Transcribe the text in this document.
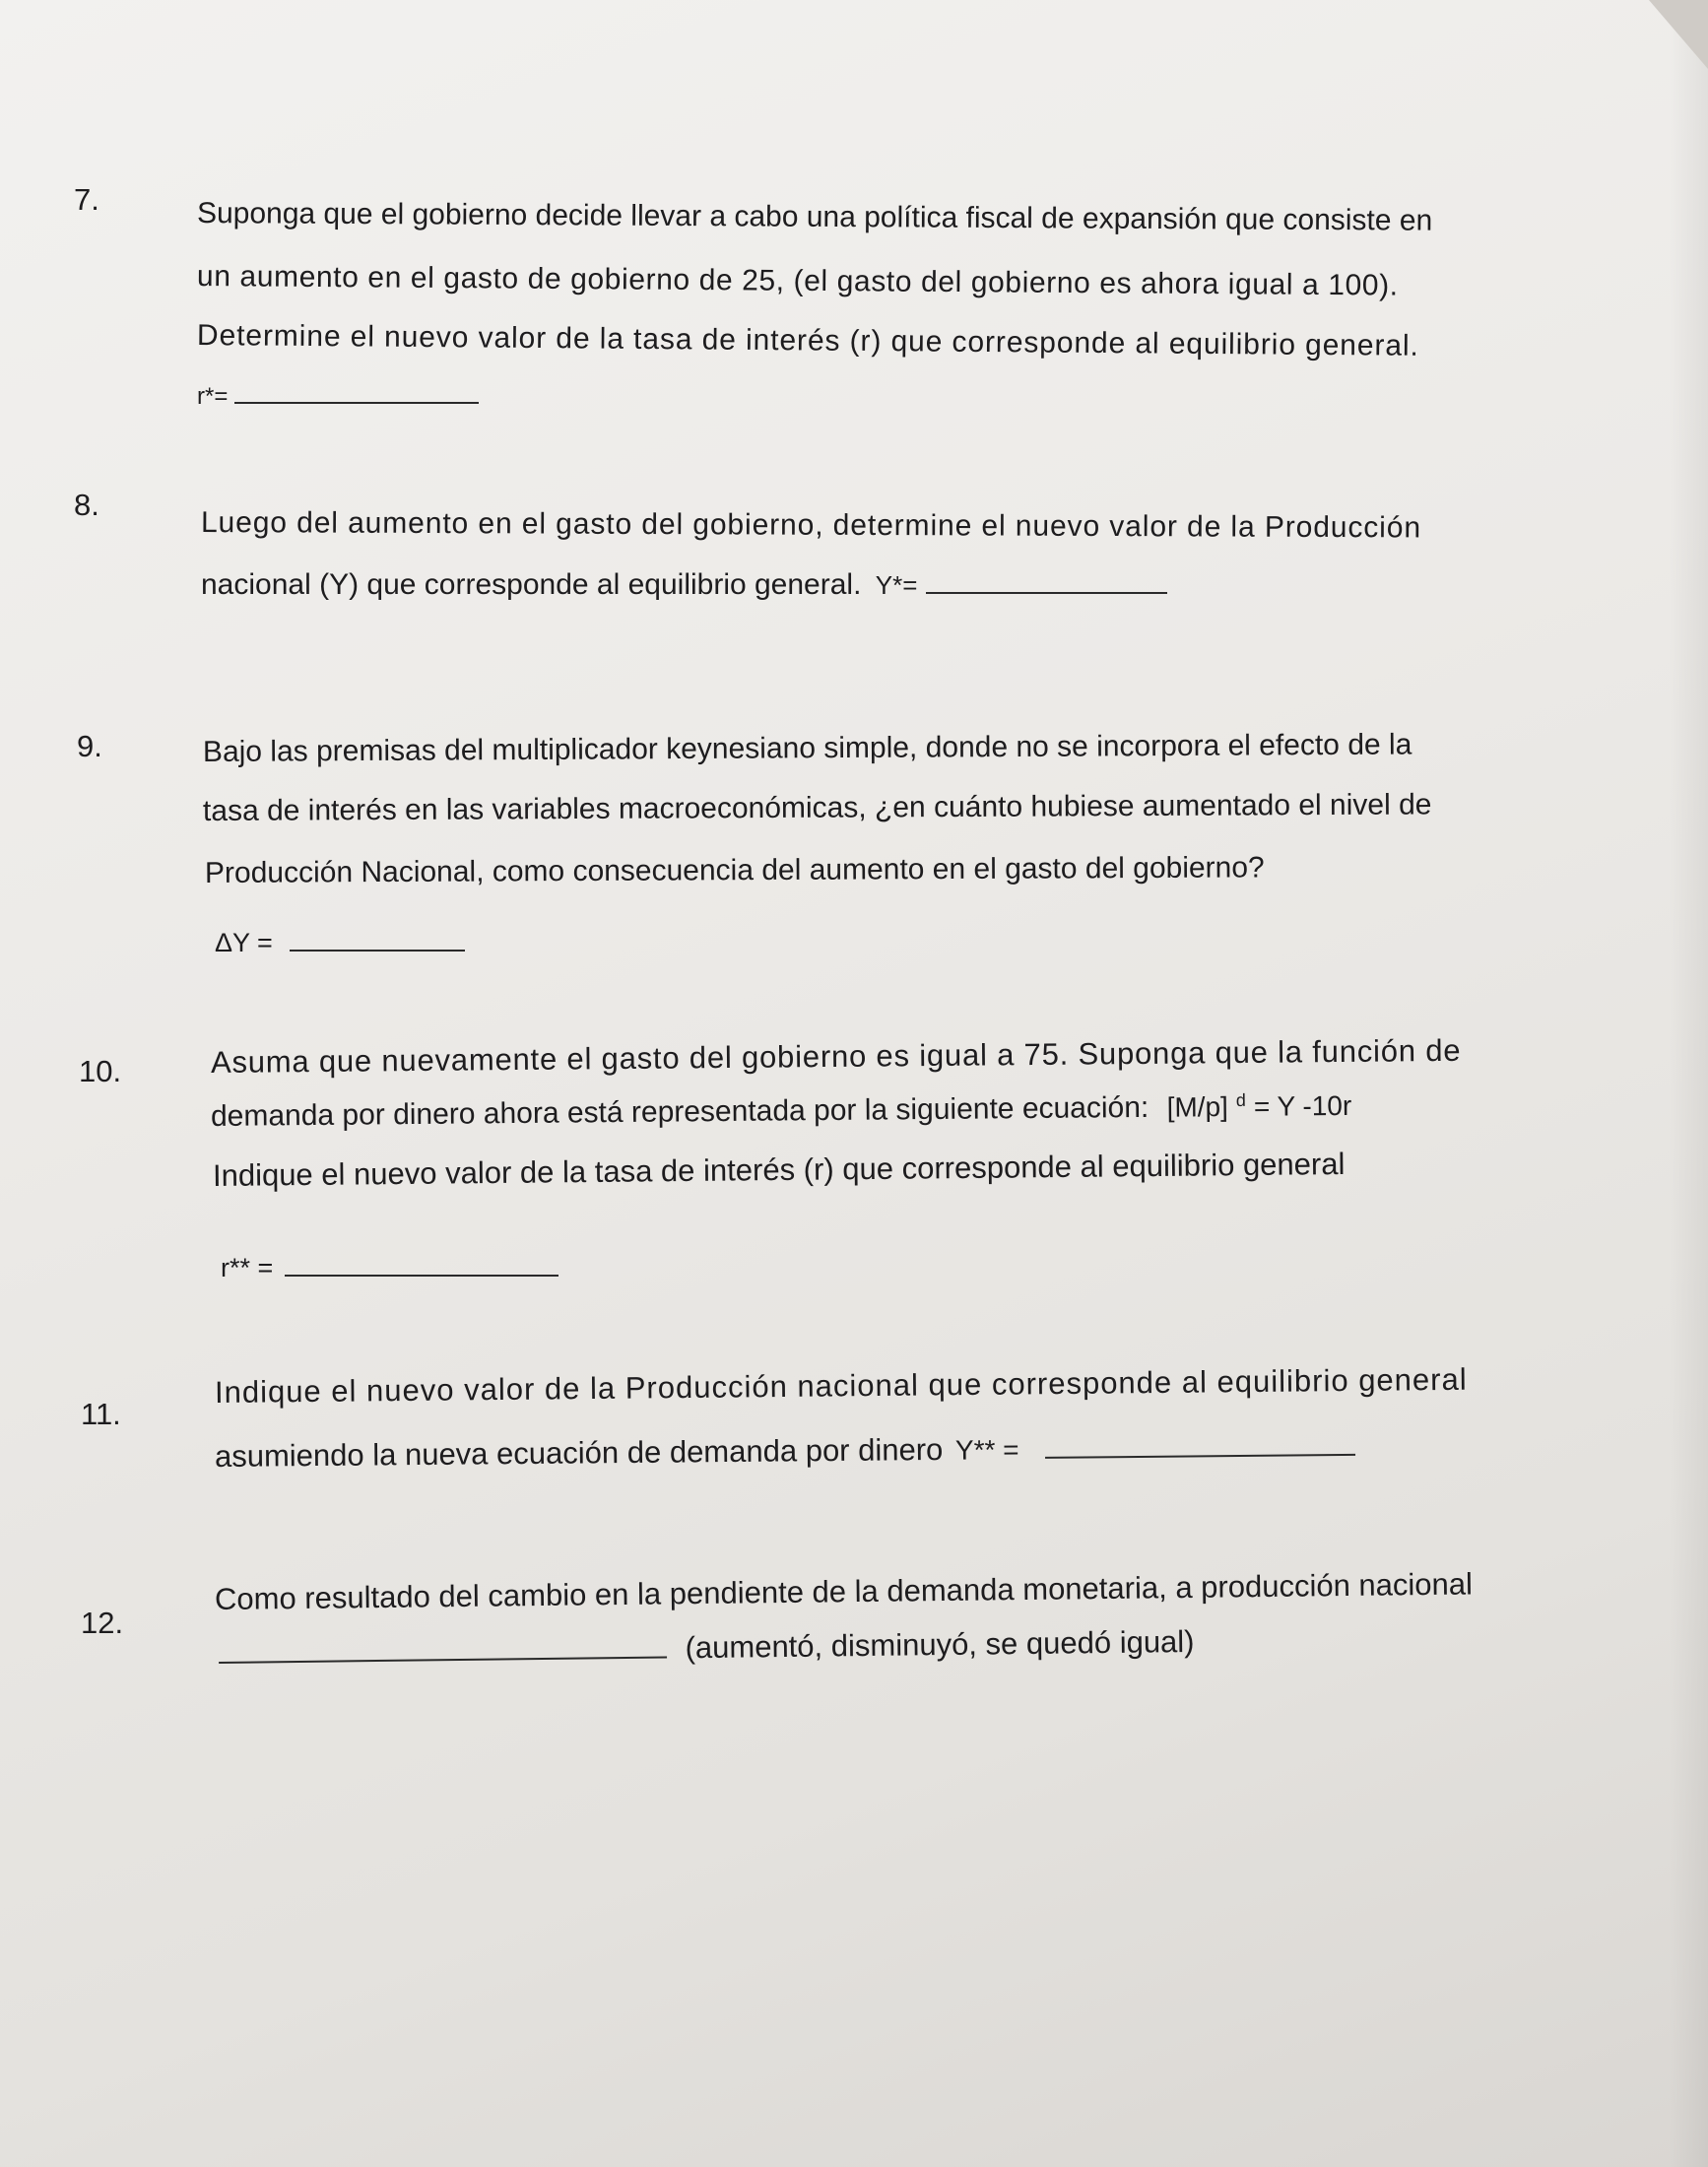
7.	Suponga que el gobierno decide llevar a cabo una política fiscal de expansión que consiste en

un aumento en el gasto de gobierno de 25, (el gasto del gobierno es ahora igual a 100).

Determine el nuevo valor de la tasa de interés (r) que corresponde al equilibrio general.

r*=
8.

Luego del aumento en el gasto del gobierno, determine el nuevo valor de la Producción

nacional (Y) que corresponde al equilibrio general. Y*=
9.	Bajo las premisas del multiplicador keynesiano simple, donde no se incorpora el efecto de la

tasa de interés en las variables macroeconómicas, ¿en cuánto hubiese aumentado el nivel de

Producción Nacional, como consecuencia del aumento en el gasto del gobierno?

ΔY =
10.	Asuma que nuevamente el gasto del gobierno es igual a 75. Suponga que la función de

demanda por dinero ahora está representada por la siguiente ecuación: [M/p] $^d$ = Y -10r

Indique el nuevo valor de la tasa de interés (r) que corresponde al equilibrio general

r** =
11.

Indique el nuevo valor de la Producción nacional que corresponde al equilibrio general

asumiendo la nueva ecuación de demanda por dinero Y** =
12.

Como resultado del cambio en la pendiente de la demanda monetaria, a producción nacional

(aumentó, disminuyó, se quedó igual)
